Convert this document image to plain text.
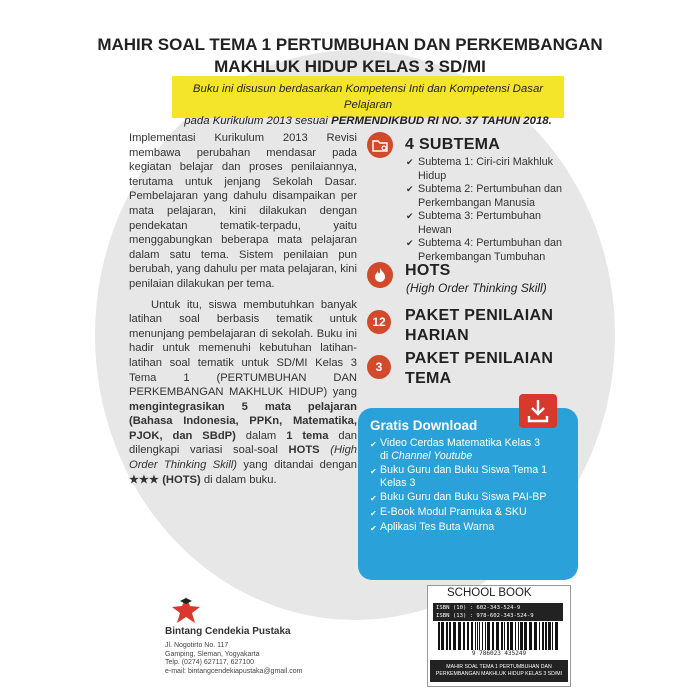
MAHIR SOAL TEMA 1 PERTUMBUHAN DAN PERKEMBANGAN
MAKHLUK HIDUP KELAS 3 SD/MI
Buku ini disusun berdasarkan Kompetensi Inti dan Kompetensi Dasar Pelajaran
pada Kurikulum 2013 sesuai PERMENDIKBUD RI NO. 37 TAHUN 2018.

Implementasi Kurikulum 2013 Revisi membawa perubahan mendasar pada kegiatan belajar dan proses penilaiannya, terutama untuk jenjang Sekolah Dasar. Pembelajaran yang dahulu disampaikan per mata pelajaran, kini dilakukan dengan pendekatan tematik-terpadu, yaitu menggabungkan beberapa mata pelajaran dalam satu tema. Sistem penilaian pun berubah, yang dahulu per mata pelajaran, kini penilaian dilakukan per tema.

Untuk itu, siswa membutuhkan banyak latihan soal berbasis tematik untuk menunjang pembelajaran di sekolah. Buku ini hadir untuk memenuhi kebutuhan latihan-latihan soal tematik untuk SD/MI Kelas 3 Tema 1 (PERTUMBUHAN DAN PERKEMBANGAN MAKHLUK HIDUP) yang mengintegrasikan 5 mata pelajaran (Bahasa Indonesia, PPKn, Matematika, PJOK, dan SBdP) dalam 1 tema dan dilengkapi variasi soal-soal HOTS (High Order Thinking Skill) yang ditandai dengan ★★★ (HOTS) di dalam buku.

4 SUBTEMA
✔ Subtema 1: Ciri-ciri Makhluk Hidup
✔ Subtema 2: Pertumbuhan dan Perkembangan Manusia
✔ Subtema 3: Pertumbuhan Hewan
✔ Subtema 4: Pertumbuhan dan Perkembangan Tumbuhan
HOTS
(High Order Thinking Skill)
12	PAKET PENILAIAN
HARIAN
3	PAKET PENILAIAN
TEMA
Gratis Download
✔ Video Cerdas Matematika Kelas 3
di Channel Youtube
✔ Buku Guru dan Buku Siswa Tema 1 Kelas 3
✔ Buku Guru dan Buku Siswa PAI-BP
✔ E-Book Modul Pramuka & SKU
✔ Aplikasi Tes Buta Warna
Bintang Cendekia Pustaka
Jl. Nogotirto No. 117
Gamping, Sleman, Yogyakarta
Telp. (0274) 627117, 627100
e-mail: bintangcendekiapustaka@gmail.com
SCHOOL BOOK
ISBN (10) : 602-343-524-9
ISBN (13) : 978-602-343-524-9
9 786023 435249
MAHIR SOAL TEMA 1 PERTUMBUHAN DAN
PERKEMBANGAN MAKHLUK HIDUP KELAS 3 SD/MI
